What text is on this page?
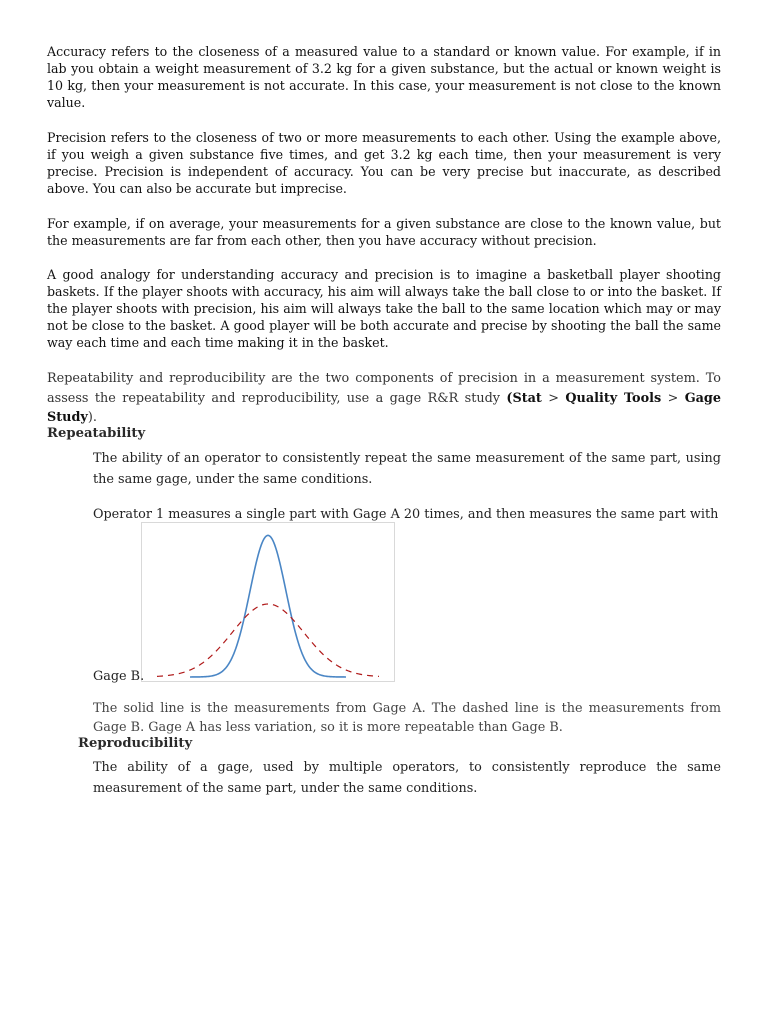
Accuracy refers to the closeness of a measured value to a standard or known value. For example, if in lab you obtain a weight measurement of 3.2 kg for a given substance, but the actual or known weight is 10 kg, then your measurement is not accurate. In this case, your measurement is not close to the known value.

Precision refers to the closeness of two or more measurements to each other. Using the example above, if you weigh a given substance five times, and get 3.2 kg each time, then your measurement is very precise. Precision is independent of accuracy. You can be very precise but inaccurate, as described above. You can also be accurate but imprecise.

For example, if on average, your measurements for a given substance are close to the known value, but the measurements are far from each other, then you have accuracy without precision.

A good analogy for understanding accuracy and precision is to imagine a basketball player shooting baskets. If the player shoots with accuracy, his aim will always take the ball close to or into the basket. If the player shoots with precision, his aim will always take the ball to the same location which may or may not be close to the basket. A good player will be both accurate and precise by shooting the ball the same way each time and each time making it in the basket.

Repeatability and reproducibility are the two components of precision in a measurement system. To assess the repeatability and reproducibility, use a gage R&R study (Stat > Quality Tools > Gage Study).

Repeatability

The ability of an operator to consistently repeat the same measurement of the same part, using the same gage, under the same conditions.

Operator 1 measures a single part with Gage A 20 times, and then measures the same part with

Gage B.

The solid line is the measurements from Gage A. The dashed line is the measurements from Gage B. Gage A has less variation, so it is more repeatable than Gage B.

Reproducibility

The ability of a gage, used by multiple operators, to consistently reproduce the same measurement of the same part, under the same conditions.
